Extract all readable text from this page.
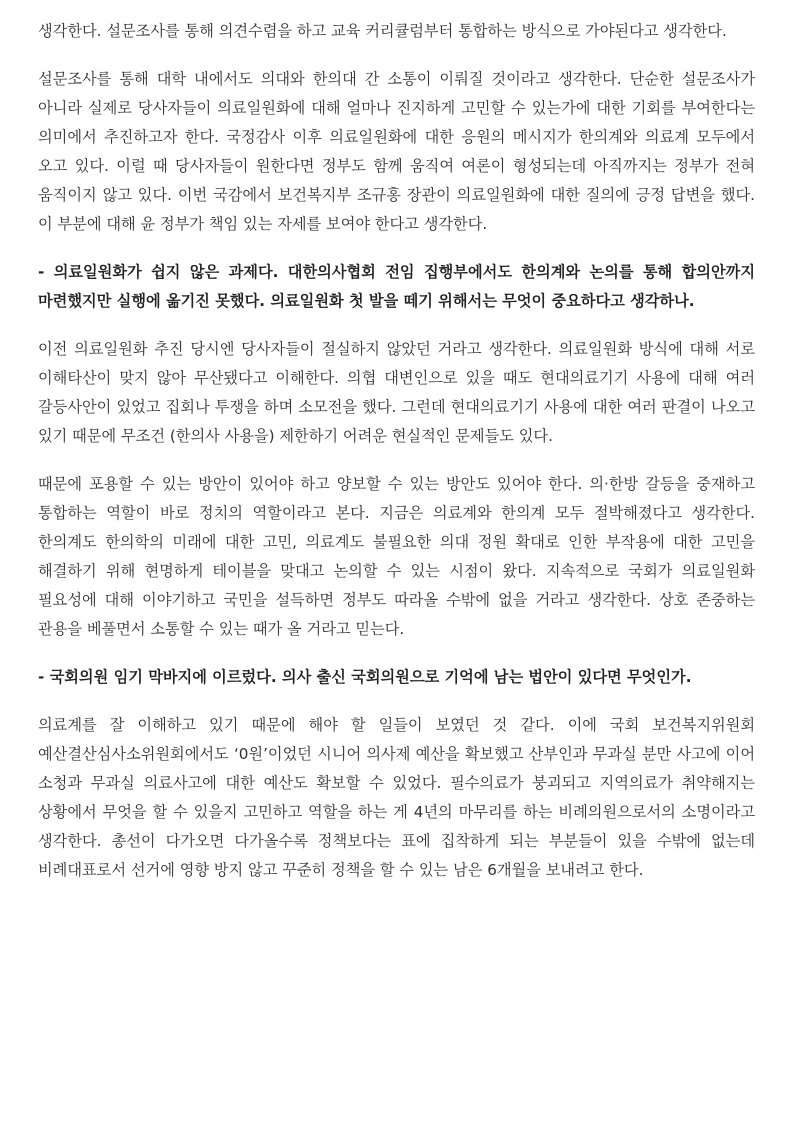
생각한다. 설문조사를 통해 의견수렴을 하고 교육 커리큘럼부터 통합하는 방식으로 가야된다고 생각한다.

설문조사를 통해 대학 내에서도 의대와 한의대 간 소통이 이뤄질 것이라고 생각한다. 단순한 설문조사가 아니라 실제로 당사자들이 의료일원화에 대해 얼마나 진지하게 고민할 수 있는가에 대한 기회를 부여한다는 의미에서 추진하고자 한다. 국정감사 이후 의료일원화에 대한 응원의 메시지가 한의계와 의료계 모두에서 오고 있다. 이럴 때 당사자들이 원한다면 정부도 함께 움직여 여론이 형성되는데 아직까지는 정부가 전혀 움직이지 않고 있다. 이번 국감에서 보건복지부 조규홍 장관이 의료일원화에 대한 질의에 긍정 답변을 했다. 이 부분에 대해 윤 정부가 책임 있는 자세를 보여야 한다고 생각한다.

- 의료일원화가 쉽지 않은 과제다. 대한의사협회 전임 집행부에서도 한의계와 논의를 통해 합의안까지 마련했지만 실행에 옮기진 못했다. 의료일원화 첫 발을 떼기 위해서는 무엇이 중요하다고 생각하나.

이전 의료일원화 추진 당시엔 당사자들이 절실하지 않았던 거라고 생각한다. 의료일원화 방식에 대해 서로 이해타산이 맞지 않아 무산됐다고 이해한다. 의협 대변인으로 있을 때도 현대의료기기 사용에 대해 여러 갈등사안이 있었고 집회나 투쟁을 하며 소모전을 했다. 그런데 현대의료기기 사용에 대한 여러 판결이 나오고 있기 때문에 무조건 (한의사 사용을) 제한하기 어려운 현실적인 문제들도 있다.

때문에 포용할 수 있는 방안이 있어야 하고 양보할 수 있는 방안도 있어야 한다. 의·한방 갈등을 중재하고 통합하는 역할이 바로 정치의 역할이라고 본다. 지금은 의료계와 한의계 모두 절박해졌다고 생각한다. 한의계도 한의학의 미래에 대한 고민, 의료계도 불필요한 의대 정원 확대로 인한 부작용에 대한 고민을 해결하기 위해 현명하게 테이블을 맞대고 논의할 수 있는 시점이 왔다. 지속적으로 국회가 의료일원화 필요성에 대해 이야기하고 국민을 설득하면 정부도 따라올 수밖에 없을 거라고 생각한다. 상호 존중하는 관용을 베풀면서 소통할 수 있는 때가 올 거라고 믿는다.

- 국회의원 임기 막바지에 이르렀다. 의사 출신 국회의원으로 기억에 남는 법안이 있다면 무엇인가.

의료계를 잘 이해하고 있기 때문에 해야 할 일들이 보였던 것 같다. 이에 국회 보건복지위원회 예산결산심사소위원회에서도 ‘0원’이었던 시니어 의사제 예산을 확보했고 산부인과 무과실 분만 사고에 이어 소청과 무과실 의료사고에 대한 예산도 확보할 수 있었다. 필수의료가 붕괴되고 지역의료가 취약해지는 상황에서 무엇을 할 수 있을지 고민하고 역할을 하는 게 4년의 마무리를 하는 비례의원으로서의 소명이라고 생각한다. 총선이 다가오면 다가올수록 정책보다는 표에 집착하게 되는 부분들이 있을 수밖에 없는데 비례대표로서 선거에 영향 방지 않고 꾸준히 정책을 할 수 있는 남은 6개월을 보내려고 한다.
